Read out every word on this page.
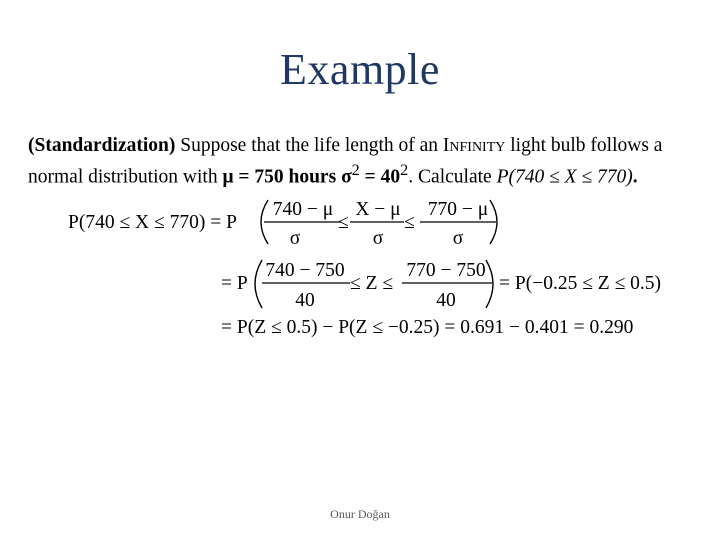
Example
(Standardization) Suppose that the life length of an Infinity light bulb follows a normal distribution with μ = 750 hours $\sigma^2 = 40^2$. Calculate P(740 ≤ X ≤ 770).
P(740 ≤ X ≤ 770) = P
740 − μ
σ
≤
X − μ
σ
≤
770 − μ
σ
= P
740 − 750
40
≤ Z ≤
770 − 750
40
= P(−0.25 ≤ Z ≤ 0.5)
= P(Z ≤ 0.5) − P(Z ≤ −0.25) = 0.691 − 0.401 = 0.290
Onur Doğan
